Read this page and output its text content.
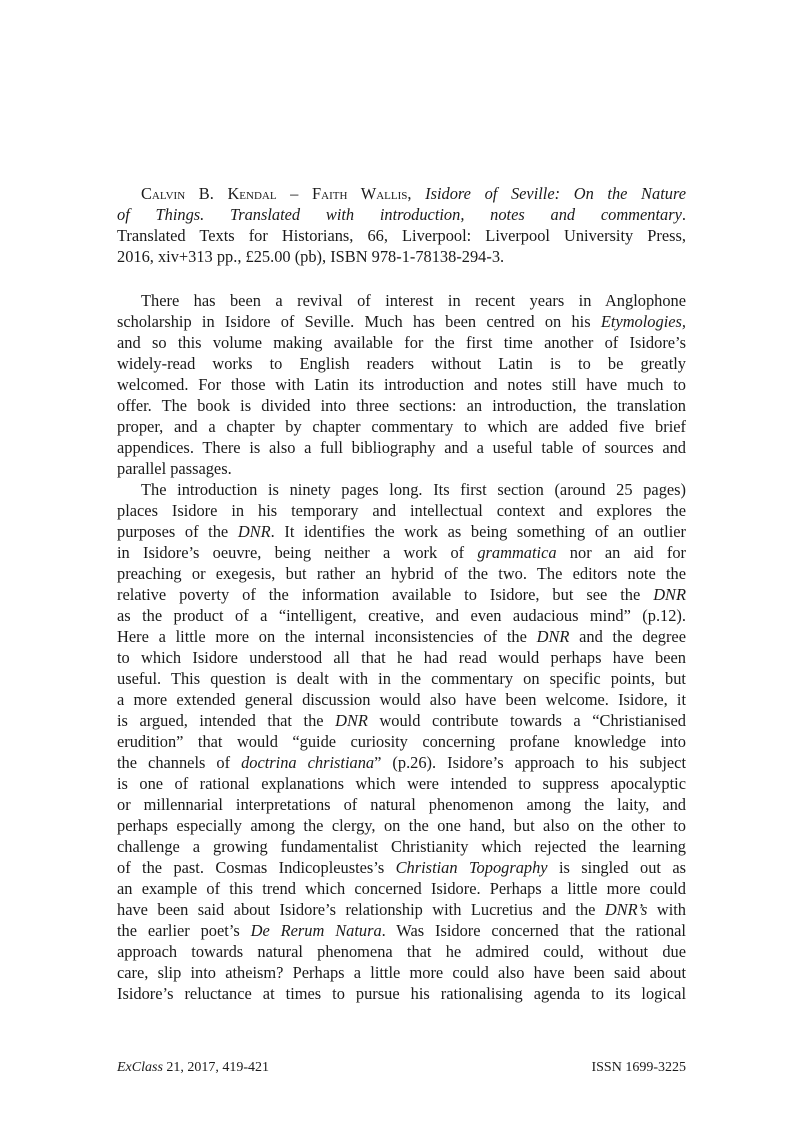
Calvin B. Kendal – Faith Wallis, Isidore of Seville: On the Nature
of Things. Translated with introduction, notes and commentary.
Translated Texts for Historians, 66, Liverpool: Liverpool University Press,
2016, xiv+313 pp., £25.00 (pb), ISBN 978-1-78138-294-3.
There has been a revival of interest in recent years in Anglophone
scholarship in Isidore of Seville. Much has been centred on his Etymologies,
and so this volume making available for the first time another of Isidore’s
widely-read works to English readers without Latin is to be greatly
welcomed. For those with Latin its introduction and notes still have much to
offer. The book is divided into three sections: an introduction, the translation
proper, and a chapter by chapter commentary to which are added five brief
appendices. There is also a full bibliography and a useful table of sources and
parallel passages.
The introduction is ninety pages long. Its first section (around 25 pages)
places Isidore in his temporary and intellectual context and explores the
purposes of the DNR. It identifies the work as being something of an outlier
in Isidore’s oeuvre, being neither a work of grammatica nor an aid for
preaching or exegesis, but rather an hybrid of the two. The editors note the
relative poverty of the information available to Isidore, but see the DNR
as the product of a “intelligent, creative, and even audacious mind” (p.12).
Here a little more on the internal inconsistencies of the DNR and the degree
to which Isidore understood all that he had read would perhaps have been
useful. This question is dealt with in the commentary on specific points, but
a more extended general discussion would also have been welcome. Isidore, it
is argued, intended that the DNR would contribute towards a “Christianised
erudition” that would “guide curiosity concerning profane knowledge into
the channels of doctrina christiana” (p.26). Isidore’s approach to his subject
is one of rational explanations which were intended to suppress apocalyptic
or millennarial interpretations of natural phenomenon among the laity, and
perhaps especially among the clergy, on the one hand, but also on the other to
challenge a growing fundamentalist Christianity which rejected the learning
of the past. Cosmas Indicopleustes’s Christian Topography is singled out as
an example of this trend which concerned Isidore. Perhaps a little more could
have been said about Isidore’s relationship with Lucretius and the DNR’s with
the earlier poet’s De Rerum Natura. Was Isidore concerned that the rational
approach towards natural phenomena that he admired could, without due
care, slip into atheism? Perhaps a little more could also have been said about
Isidore’s reluctance at times to pursue his rationalising agenda to its logical
ExClass 21, 2017, 419-421	ISSN 1699-3225
